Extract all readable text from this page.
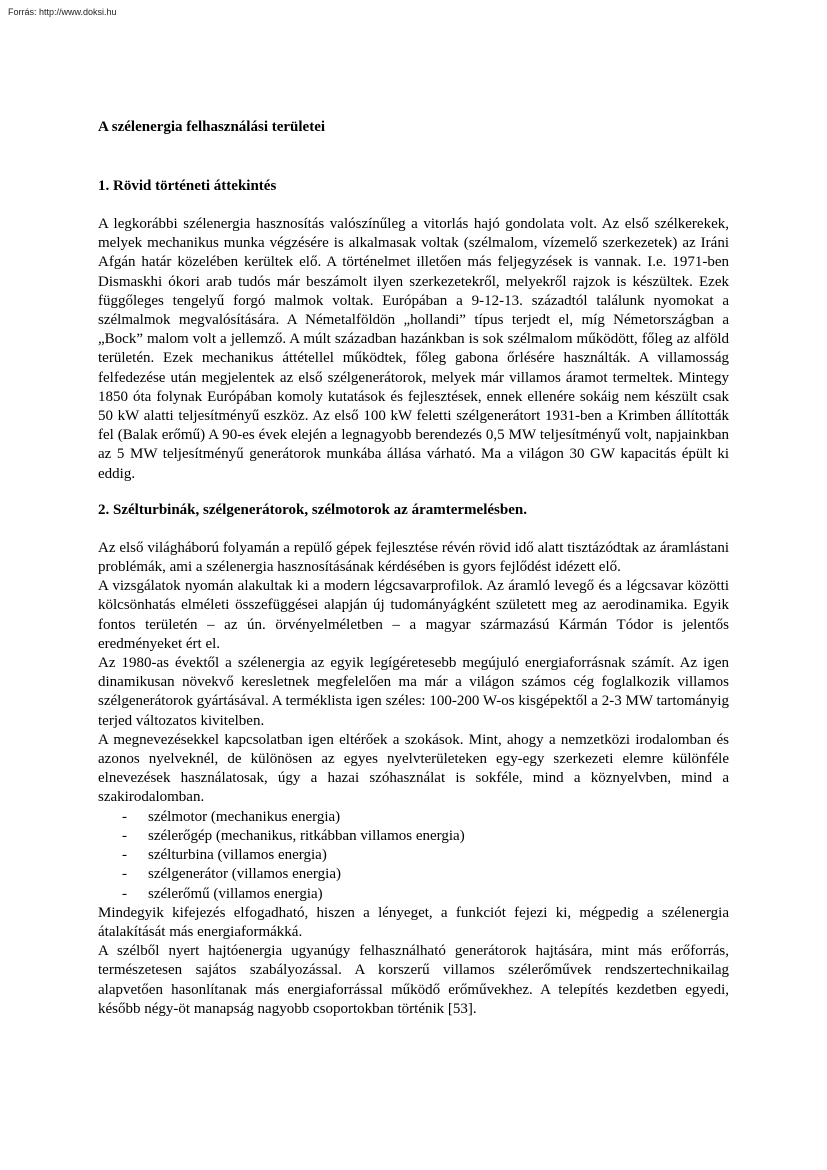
Forrás: http://www.doksi.hu
A szélenergia felhasználási területei
1. Rövid történeti áttekintés

A legkorábbi szélenergia hasznosítás valószínűleg a vitorlás hajó gondolata volt. Az első szélkerekek, melyek mechanikus munka végzésére is alkalmasak voltak (szélmalom, vízemelő szerkezetek) az Iráni Afgán határ közelében kerültek elő. A történelmet illetően más feljegyzések is vannak. I.e. 1971-ben Dismaskhi ókori arab tudós már beszámolt ilyen szerkezetekről, melyekről rajzok is készültek. Ezek függőleges tengelyű forgó malmok voltak. Európában a 9-12-13. századtól találunk nyomokat a szélmalmok megvalósítására. A Németalföldön „hollandi” típus terjedt el, míg Németországban a „Bock” malom volt a jellemző. A múlt században hazánkban is sok szélmalom működött, főleg az alföld területén. Ezek mechanikus áttétellel működtek, főleg gabona őrlésére használták. A villamosság felfedezése után megjelentek az első szélgenerátorok, melyek már villamos áramot termeltek. Mintegy 1850 óta folynak Európában komoly kutatások és fejlesztések, ennek ellenére sokáig nem készült csak 50 kW alatti teljesítményű eszköz. Az első 100 kW feletti szélgenerátort 1931-ben a Krimben állították fel (Balak erőmű) A 90-es évek elején a legnagyobb berendezés 0,5 MW teljesítményű volt, napjainkban az 5 MW teljesítményű generátorok munkába állása várható. Ma a világon 30 GW kapacitás épült ki eddig.

2. Szélturbinák, szélgenerátorok, szélmotorok az áramtermelésben.

Az első világháború folyamán a repülő gépek fejlesztése révén rövid idő alatt tisztázódtak az áramlástani problémák, ami a szélenergia hasznosításának kérdésében is gyors fejlődést idézett elő.

A vizsgálatok nyomán alakultak ki a modern légcsavarprofilok. Az áramló levegő és a légcsavar közötti kölcsönhatás elméleti összefüggései alapján új tudományágként született meg az aerodinamika. Egyik fontos területén – az ún. örvényelméletben – a magyar származású Kármán Tódor is jelentős eredményeket ért el.

Az 1980-as évektől a szélenergia az egyik legígéretesebb megújuló energiaforrásnak számít. Az igen dinamikusan növekvő keresletnek megfelelően ma már a világon számos cég foglalkozik villamos szélgenerátorok gyártásával. A terméklista igen széles: 100-200 W-os kisgépektől a 2-3 MW tartományig terjed változatos kivitelben.

A megnevezésekkel kapcsolatban igen eltérőek a szokások. Mint, ahogy a nemzetközi irodalomban és azonos nyelveknél, de különösen az egyes nyelvterületeken egy-egy szerkezeti elemre különféle elnevezések használatosak, úgy a hazai szóhasználat is sokféle, mind a köznyelvben, mind a szakirodalomban.

- szélmotor (mechanikus energia)
- szélerőgép (mechanikus, ritkábban villamos energia)
- szélturbina (villamos energia)
- szélgenerátor (villamos energia)
- szélerőmű (villamos energia)

Mindegyik kifejezés elfogadható, hiszen a lényeget, a funkciót fejezi ki, mégpedig a szélenergia átalakítását más energiaformákká.

A szélből nyert hajtóenergia ugyanúgy felhasználható generátorok hajtására, mint más erőforrás, természetesen sajátos szabályozással. A korszerű villamos szélerőművek rendszertechnikailag alapvetően hasonlítanak más energiaforrással működő erőművekhez. A telepítés kezdetben egyedi, később négy-öt manapság nagyobb csoportokban történik [53].
